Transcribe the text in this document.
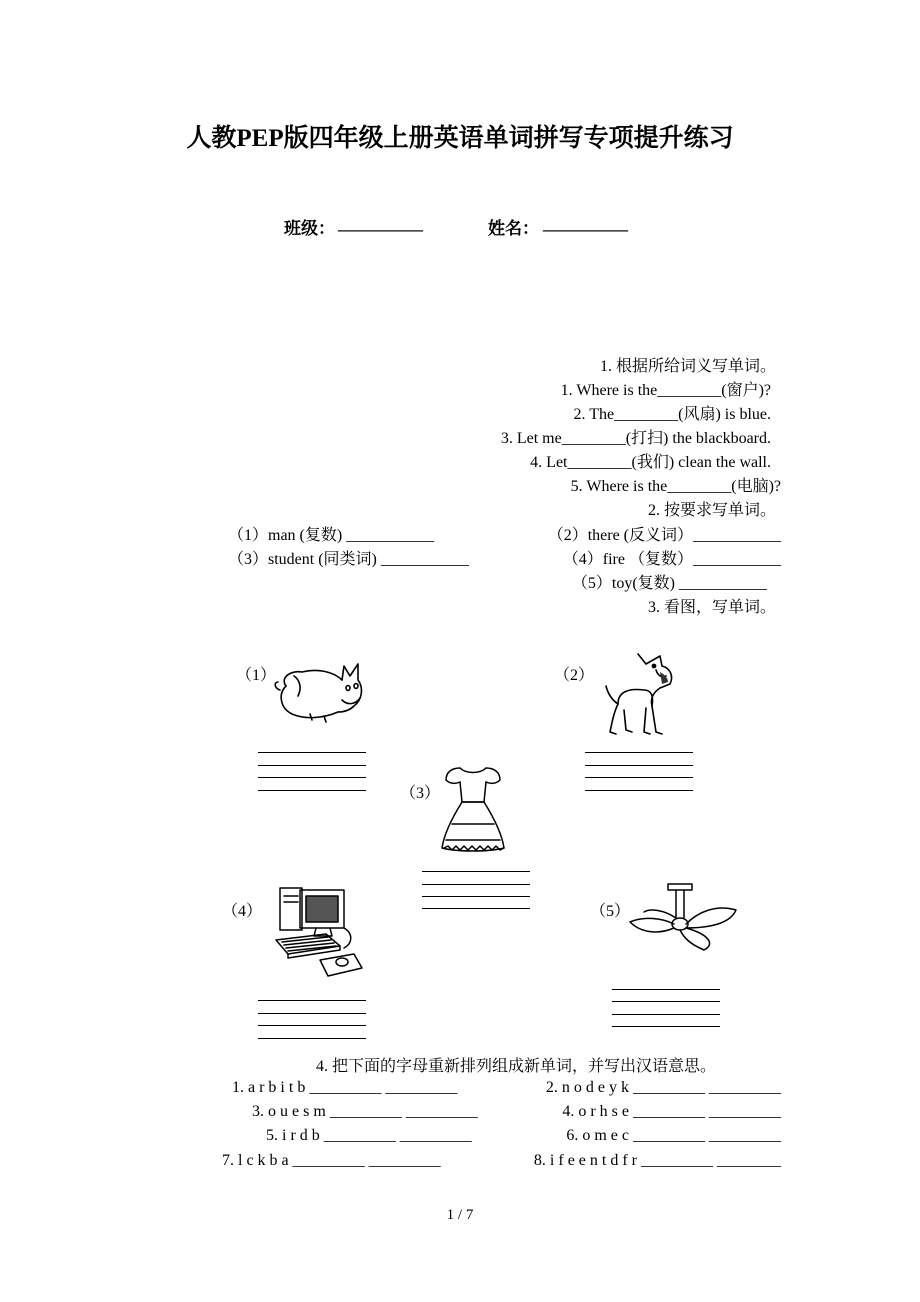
人教PEP版四年级上册英语单词拼写专项提升练习
班级： __________	姓名： __________
1. 根据所给词义写单词。
1. Where is the________(窗户)?
2. The________(风扇) is blue.
3. Let me________(打扫) the blackboard.
4. Let________(我们) clean the wall.
5. Where is the________(电脑)?
2. 按要求写单词。
（1）man (复数) ___________	（2）there (反义词）___________
（3）student (同类词) ___________	（4）fire （复数）___________
（5）toy(复数) ___________
3. 看图，写单词。
（1）	（2）
（3）
（4）	（5）
4. 把下面的字母重新排列组成新单词，并写出汉语意思。
1. a r b i t b _________ _________	2. n o d e y k _________ _________
3. o u e s m _________ _________	4. o r h s e _________ _________
5. i r d b _________ _________	6. o m e c _________ _________
7. l c k b a _________ _________	8. i f e e n t d f r _________ ________
1 / 7
